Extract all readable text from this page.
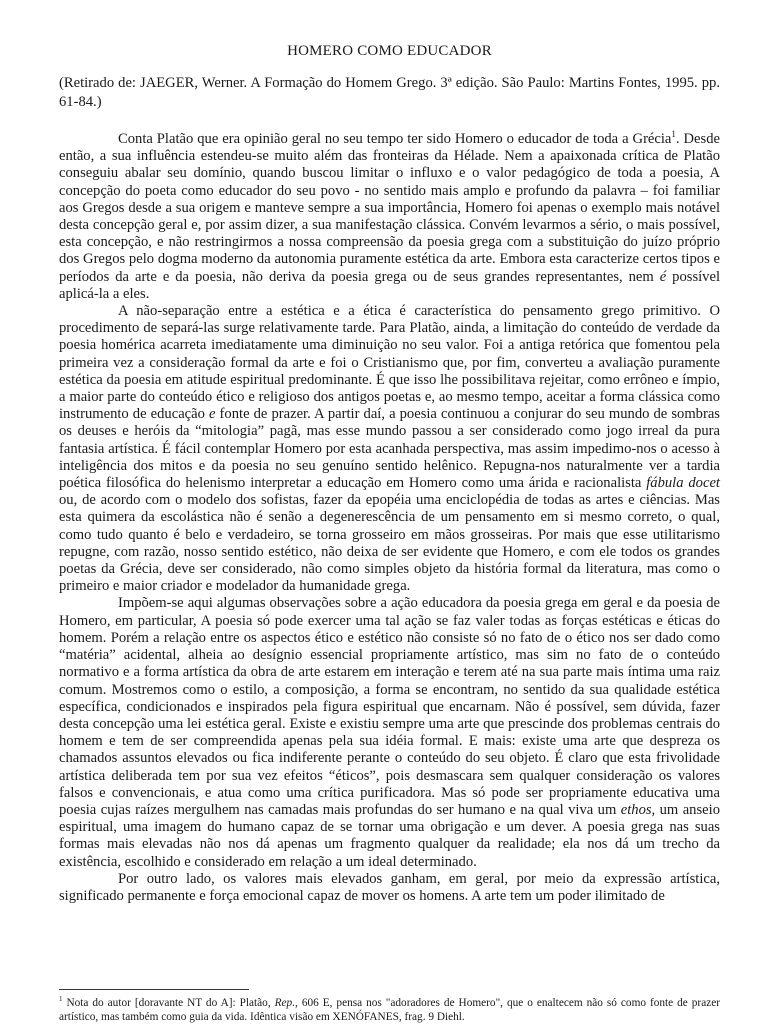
HOMERO COMO EDUCADOR

(Retirado de: JAEGER, Werner. A Formação do Homem Grego. 3ª edição. São Paulo: Martins Fontes, 1995. pp. 61-84.)

Conta Platão que era opinião geral no seu tempo ter sido Homero o educador de toda a Grécia$^1$. Desde então, a sua influência estendeu-se muito além das fronteiras da Hélade. Nem a apaixonada crítica de Platão conseguiu abalar seu domínio, quando buscou limitar o influxo e o valor pedagógico de toda a poesia, A concepção do poeta como educador do seu povo - no sentido mais amplo e profundo da palavra – foi familiar aos Gregos desde a sua origem e manteve sempre a sua importância, Homero foi apenas o exemplo mais notável desta concepção geral e, por assim dizer, a sua manifestação clássica. Convém levarmos a sério, o mais possível, esta concepção, e não restringirmos a nossa compreensão da poesia grega com a substituição do juízo próprio dos Gregos pelo dogma moderno da autonomia puramente estética da arte. Embora esta caracterize certos tipos e períodos da arte e da poesia, não deriva da poesia grega ou de seus grandes representantes, nem é possível aplicá-la a eles.

A não-separação entre a estética e a ética é característica do pensamento grego primitivo. O procedimento de separá-las surge relativamente tarde. Para Platão, ainda, a limitação do conteúdo de verdade da poesia homérica acarreta imediatamente uma diminuição no seu valor. Foi a antiga retórica que fomentou pela primeira vez a consideração formal da arte e foi o Cristianismo que, por fim, converteu a avaliação puramente estética da poesia em atitude espiritual predominante. É que isso lhe possibilitava rejeitar, como errôneo e ímpio, a maior parte do conteúdo ético e religioso dos antigos poetas e, ao mesmo tempo, aceitar a forma clássica como instrumento de educação e fonte de prazer. A partir daí, a poesia continuou a conjurar do seu mundo de sombras os deuses e heróis da “mitologia” pagã, mas esse mundo passou a ser considerado como jogo irreal da pura fantasia artística. É fácil contemplar Homero por esta acanhada perspectiva, mas assim impedimo-nos o acesso à inteligência dos mitos e da poesia no seu genuíno sentido helênico. Repugna-nos naturalmente ver a tardia poética filosófica do helenismo interpretar a educação em Homero como uma árida e racionalista fábula docet ou, de acordo com o modelo dos sofistas, fazer da epopéia uma enciclopédia de todas as artes e ciências. Mas esta quimera da escolástica não é senão a degenerescência de um pensamento em si mesmo correto, o qual, como tudo quanto é belo e verdadeiro, se torna grosseiro em mãos grosseiras. Por mais que esse utilitarismo repugne, com razão, nosso sentido estético, não deixa de ser evidente que Homero, e com ele todos os grandes poetas da Grécia, deve ser considerado, não como simples objeto da história formal da literatura, mas como o primeiro e maior criador e modelador da humanidade grega.

Impõem-se aqui algumas observações sobre a ação educadora da poesia grega em geral e da poesia de Homero, em particular, A poesia só pode exercer uma tal ação se faz valer todas as forças estéticas e éticas do homem. Porém a relação entre os aspectos ético e estético não consiste só no fato de o ético nos ser dado como “matéria” acidental, alheia ao desígnio essencial propriamente artístico, mas sim no fato de o conteúdo normativo e a forma artística da obra de arte estarem em interação e terem até na sua parte mais íntima uma raiz comum. Mostremos como o estilo, a composição, a forma se encontram, no sentido da sua qualidade estética específica, condicionados e inspirados pela figura espiritual que encarnam. Não é possível, sem dúvida, fazer desta concepção uma lei estética geral. Existe e existiu sempre uma arte que prescinde dos problemas centrais do homem e tem de ser compreendida apenas pela sua idéia formal. E mais: existe uma arte que despreza os chamados assuntos elevados ou fica indiferente perante o conteúdo do seu objeto. É claro que esta frivolidade artística deliberada tem por sua vez efeitos “éticos”, pois desmascara sem qualquer consideração os valores falsos e convencionais, e atua como uma crítica purificadora. Mas só pode ser propriamente educativa uma poesia cujas raízes mergulhem nas camadas mais profundas do ser humano e na qual viva um ethos, um anseio espiritual, uma imagem do humano capaz de se tornar uma obrigação e um dever. A poesia grega nas suas formas mais elevadas não nos dá apenas um fragmento qualquer da realidade; ela nos dá um trecho da existência, escolhido e considerado em relação a um ideal determinado.

Por outro lado, os valores mais elevados ganham, em geral, por meio da expressão artística, significado permanente e força emocional capaz de mover os homens. A arte tem um poder ilimitado de

$^1$ Nota do autor [doravante NT do A]: Platão, Rep., 606 E, pensa nos "adoradores de Homero", que o enaltecem não só como fonte de prazer artístico, mas também como guia da vida. Idêntica visão em XENÓFANES, frag. 9 Diehl.
